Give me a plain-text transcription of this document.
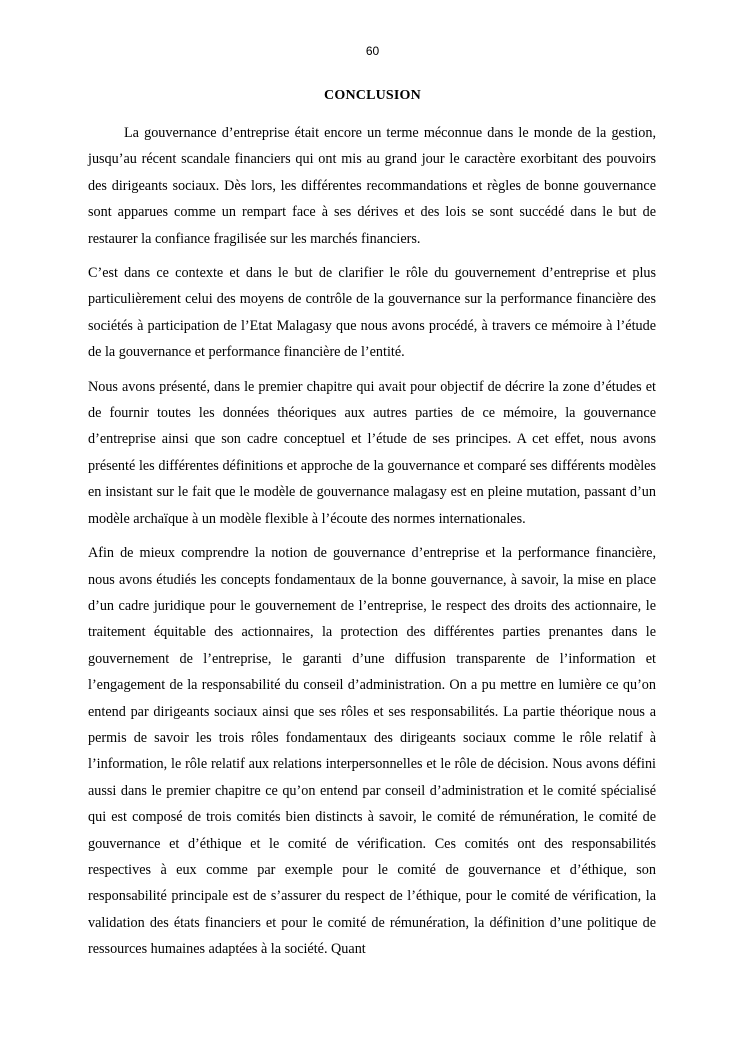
60
CONCLUSION

La gouvernance d’entreprise était encore un terme méconnue dans le monde de la gestion, jusqu’au récent scandale financiers qui ont mis au grand jour le caractère exorbitant des pouvoirs des dirigeants sociaux. Dès lors, les différentes recommandations et règles de bonne gouvernance sont apparues comme un rempart face à ses dérives et des lois se sont succédé dans le but de restaurer la confiance fragilisée sur les marchés financiers.

C’est dans ce contexte et dans le but de clarifier le rôle du gouvernement d’entreprise et plus particulièrement celui des moyens de contrôle de la gouvernance sur la performance financière des sociétés à participation de l’Etat Malagasy que nous avons procédé, à travers ce mémoire à l’étude de la gouvernance et performance financière de l’entité.

Nous avons présenté, dans le premier chapitre qui avait pour objectif de décrire la zone d’études et de fournir toutes les données théoriques aux autres parties de ce mémoire, la gouvernance d’entreprise ainsi que son cadre conceptuel et l’étude de ses principes. A cet effet, nous avons présenté les différentes définitions et approche de la gouvernance et comparé ses différents modèles en insistant sur le fait que le modèle de gouvernance malagasy est en pleine mutation, passant d’un modèle archaïque à un modèle flexible à l’écoute des normes internationales.

Afin de mieux comprendre la notion de gouvernance d’entreprise et la performance financière, nous avons étudiés les concepts fondamentaux de la bonne gouvernance, à savoir, la mise en place d’un cadre juridique pour le gouvernement de l’entreprise, le respect des droits des actionnaire, le traitement équitable des actionnaires, la protection des différentes parties prenantes dans le gouvernement de l’entreprise, le garanti d’une diffusion transparente de l’information et l’engagement de la responsabilité du conseil d’administration. On a pu mettre en lumière ce qu’on entend par dirigeants sociaux ainsi que ses rôles et ses responsabilités. La partie théorique nous a permis de savoir les trois rôles fondamentaux des dirigeants sociaux comme le rôle relatif à l’information, le rôle relatif aux relations interpersonnelles et le rôle de décision. Nous avons défini aussi dans le premier chapitre ce qu’on entend par conseil d’administration et le comité spécialisé qui est composé de trois comités bien distincts à savoir, le comité de rémunération, le comité de gouvernance et d’éthique et le comité de vérification. Ces comités ont des responsabilités respectives à eux comme par exemple pour le comité de gouvernance et d’éthique, son responsabilité principale est de s’assurer du respect de l’éthique, pour le comité de vérification, la validation des états financiers et pour le comité de rémunération, la définition d’une politique de ressources humaines adaptées à la société. Quant
